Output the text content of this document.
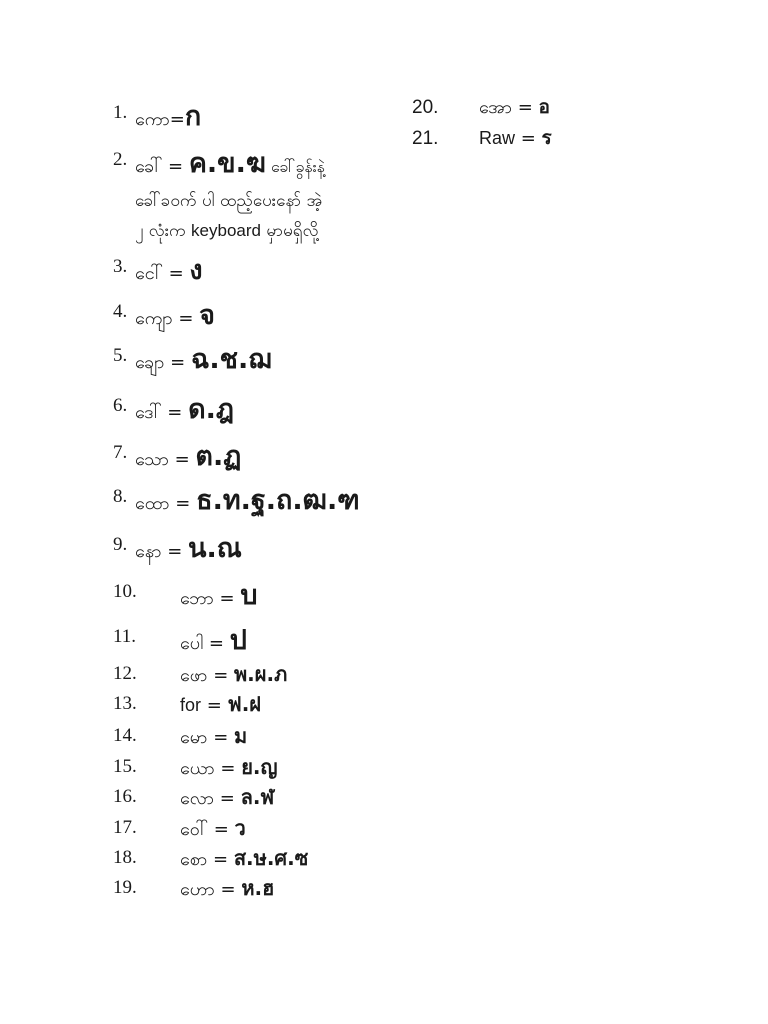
1. ကော=ก
2. ခေါ် = ค.ข.ฆ ခေါ်ခွန်းနဲ့
ခေါ်ခဝက် ပါ ထည့်ပေးနော် အဲ့
၂ လုံးက keyboard မှာမရှိလို့
3. ငေါ် = ง
4. ကျော = จ
5. ချော = ฉ.ช.ฌ
6. ဒေါ် = ด.ฎ
7. သော = ต.ฏ
8. ထော = ธ.ท.ฐ.ถ.ฒ.ฑ
9. နော = น.ณ
10. ဘော = บ
11. ပေါ = ป
12. ဖော = พ.ผ.ภ
13. for = ฟ.ฝ
14. မော = ม
15. ယော = ย.ญ
16. လော = ล.ฬ
17. ဝေါ် = ว
18. စော = ส.ษ.ศ.ซ
19. ဟော = ห.ฮ
20. အော = อ
21. Raw = ร
